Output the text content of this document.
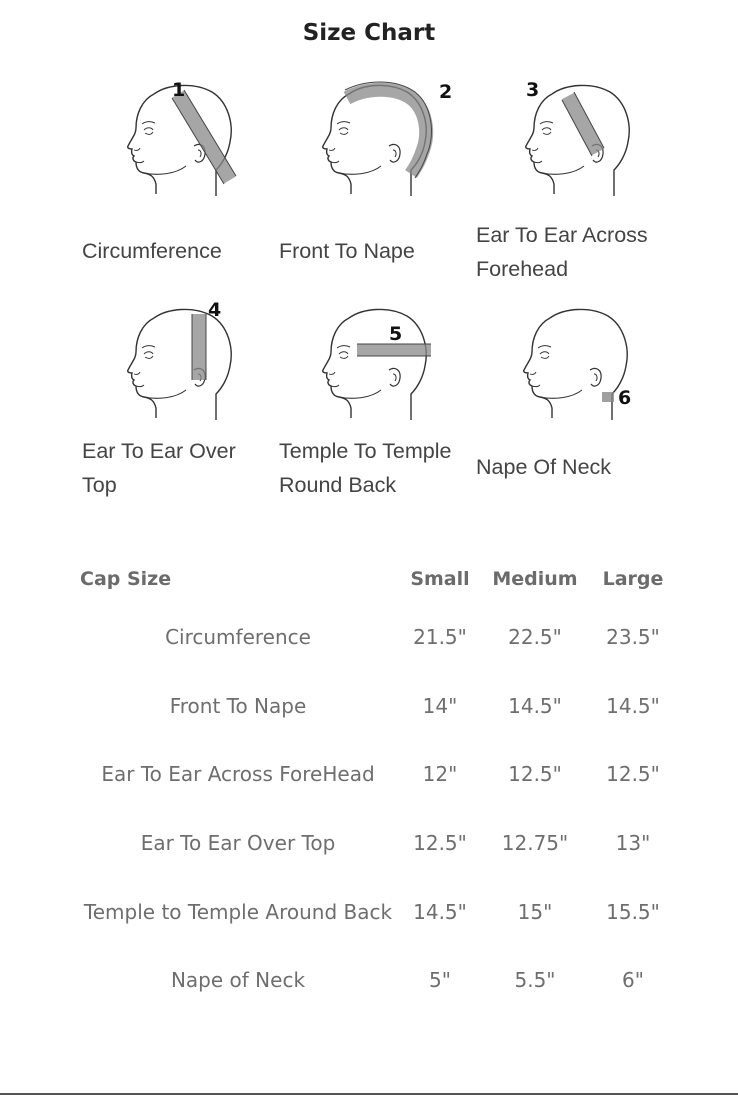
Size Chart
1
Circumference
2
Front To Nape
3
Ear To Ear Across
Forehead
4
Ear To Ear Over
Top
5
Temple To Temple
Round Back
6
Nape Of Neck
Cap Size	Small	Medium	Large
Circumference	21.5"	22.5"	23.5"
Front To Nape	14"	14.5"	14.5"
Ear To Ear Across ForeHead	12"	12.5"	12.5"
Ear To Ear Over Top	12.5"	12.75"	13"
Temple to Temple Around Back	14.5"	15"	15.5"
Nape of Neck	5"	5.5"	6"
